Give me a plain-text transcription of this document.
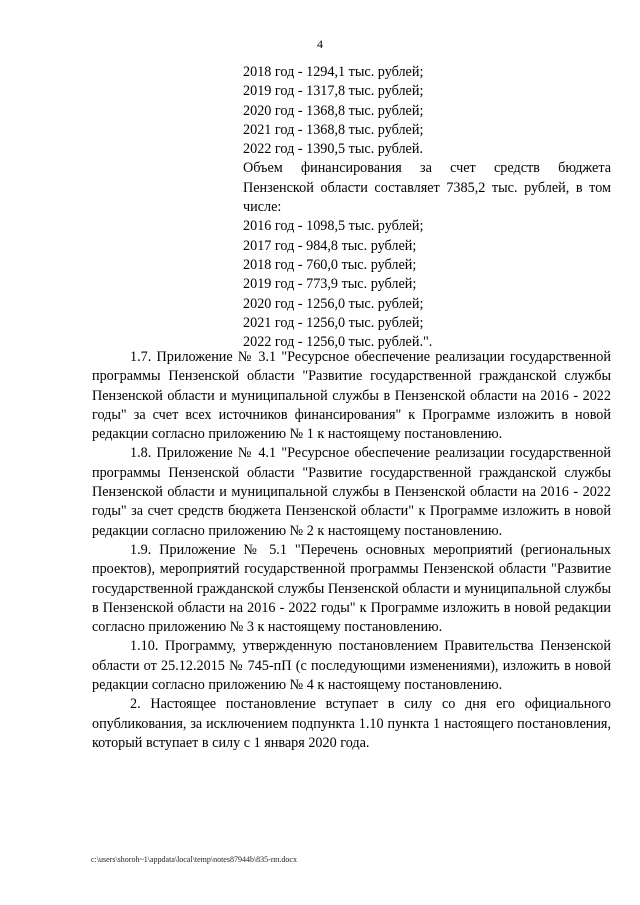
4
2018 год - 1294,1 тыс. рублей;
2019 год - 1317,8 тыс. рублей;
2020 год - 1368,8 тыс. рублей;
2021 год - 1368,8 тыс. рублей;
2022 год - 1390,5 тыс. рублей.
Объем финансирования за счет средств бюджета Пензенской области составляет 7385,2 тыс. рублей, в том числе:
2016 год - 1098,5 тыс. рублей;
2017 год - 984,8 тыс. рублей;
2018 год - 760,0 тыс. рублей;
2019 год - 773,9 тыс. рублей;
2020 год - 1256,0 тыс. рублей;
2021 год - 1256,0 тыс. рублей;
2022 год - 1256,0 тыс. рублей.".

1.7. Приложение № 3.1 "Ресурсное обеспечение реализации государственной программы Пензенской области "Развитие государственной гражданской службы Пензенской области и муниципальной службы в Пензенской области на 2016 - 2022 годы" за счет всех источников финансирования" к Программе изложить в новой редакции согласно приложению № 1 к настоящему постановлению.

1.8. Приложение № 4.1 "Ресурсное обеспечение реализации государственной программы Пензенской области "Развитие государственной гражданской службы Пензенской области и муниципальной службы в Пензенской области на 2016 - 2022 годы" за счет средств бюджета Пензенской области" к Программе изложить в новой редакции согласно приложению № 2 к настоящему постановлению.

1.9. Приложение № 5.1 "Перечень основных мероприятий (региональных проектов), мероприятий государственной программы Пензенской области "Развитие государственной гражданской службы Пензенской области и муниципальной службы в Пензенской области на 2016 - 2022 годы" к Программе изложить в новой редакции согласно приложению № 3 к настоящему постановлению.

1.10. Программу, утвержденную постановлением Правительства Пензенской области от 25.12.2015 № 745-пП (с последующими изменениями), изложить в новой редакции согласно приложению № 4 к настоящему постановлению.

2. Настоящее постановление вступает в силу со дня его официального опубликования, за исключением подпункта 1.10 пункта 1 настоящего постановления, который вступает в силу с 1 января 2020 года.

c:\users\shoroh~1\appdata\local\temp\notes87944b\835-пп.docx
